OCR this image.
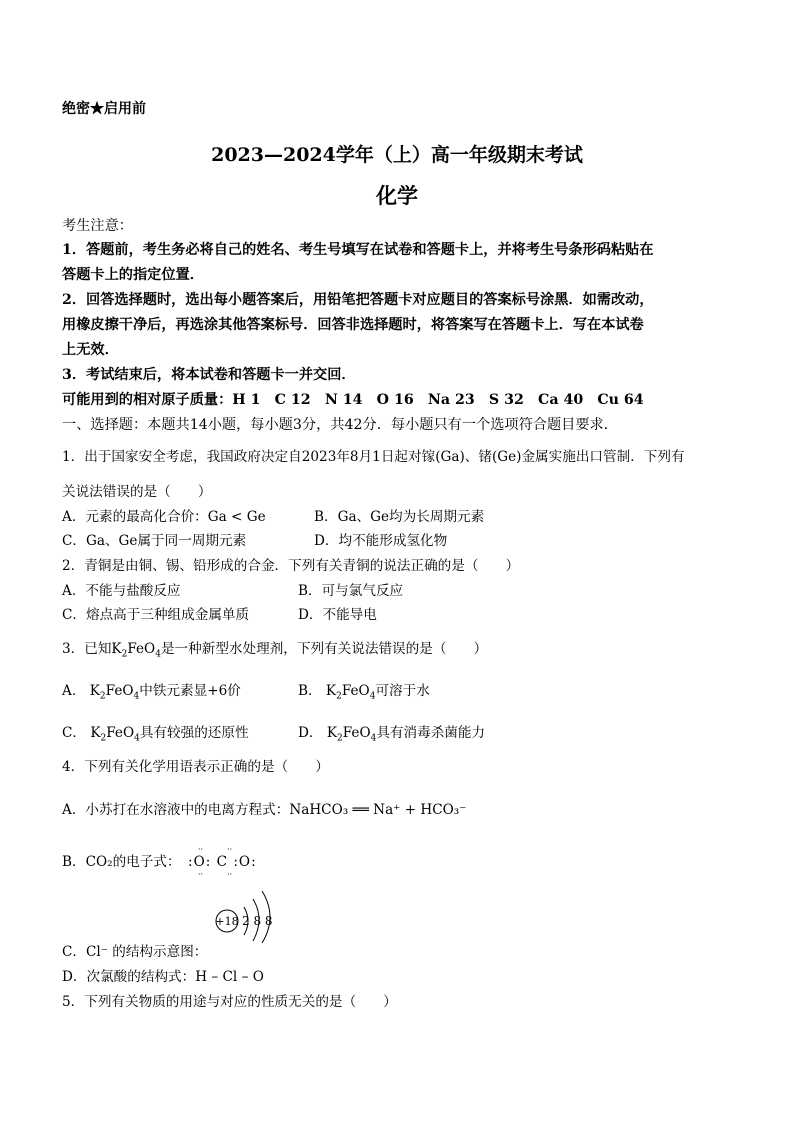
绝密★启用前
2023—2024学年（上）高一年级期末考试
化学
考生注意：
1．答题前，考生务必将自己的姓名、考生号填写在试卷和答题卡上，并将考生号条形码粘贴在
答题卡上的指定位置．
2．回答选择题时，选出每小题答案后，用铅笔把答题卡对应题目的答案标号涂黑．如需改动，
用橡皮擦干净后，再选涂其他答案标号．回答非选择题时，将答案写在答题卡上．写在本试卷
上无效．
3．考试结束后，将本试卷和答题卡一并交回．
可能用到的相对原子质量：H 1　C 12　N 14　O 16　Na 23　S 32　Ca 40　Cu 64
一、选择题：本题共14小题，每小题3分，共42分．每小题只有一个选项符合题目要求．
1．出于国家安全考虑，我国政府决定自2023年8月1日起对镓(Ga)、锗(Ge)金属实施出口管制．下列有
关说法错误的是（　　）
A．元素的最高化合价：Ga < Ge	B．Ga、Ge均为长周期元素
C．Ga、Ge属于同一周期元素	D．均不能形成氢化物
2．青铜是由铜、锡、铅形成的合金．下列有关青铜的说法正确的是（　　）
A．不能与盐酸反应	B．可与氯气反应
C．熔点高于三种组成金属单质	D．不能导电
3．已知$K_2FeO_4$是一种新型水处理剂，下列有关说法错误的是（　　）
A． $K_2FeO_4$中铁元素显+6价	B． $K_2FeO_4$可溶于水
C． $K_2FeO_4$具有较强的还原性	D． $K_2FeO_4$具有消毒杀菌能力
4．下列有关化学用语表示正确的是（　　）
A．小苏打在水溶液中的电离方程式：NaHCO₃ ══ Na⁺ + HCO₃⁻
B．CO₂的电子式： :O: C :O:
··　　　··
··　　　··
+18 2 8 8
C．Cl⁻ 的结构示意图：
D．次氯酸的结构式：H – Cl – O
5．下列有关物质的用途与对应的性质无关的是（　　）
